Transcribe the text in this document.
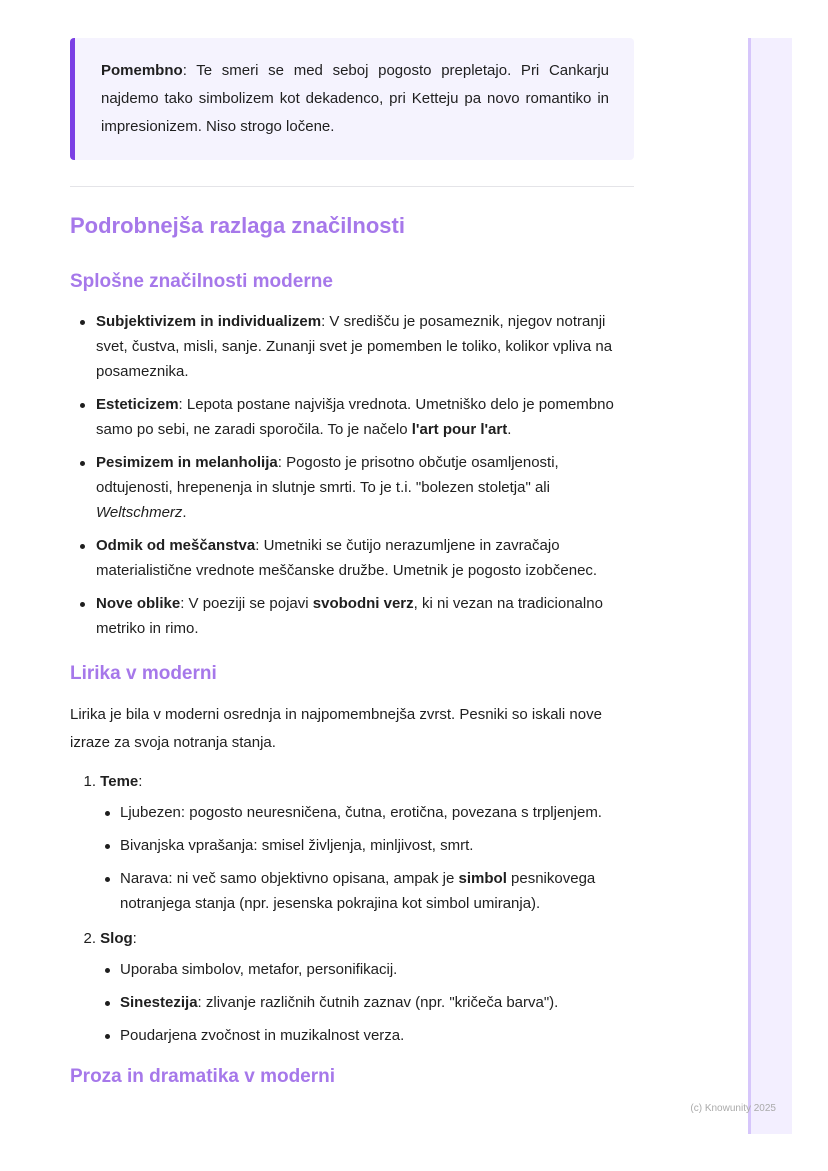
Pomembno: Te smeri se med seboj pogosto prepletajo. Pri Cankarju najdemo tako simbolizem kot dekadenco, pri Ketteju pa novo romantiko in impresionizem. Niso strogo ločene.
Podrobnejša razlaga značilnosti
Splošne značilnosti moderne
Subjektivizem in individualizem: V središču je posameznik, njegov notranji svet, čustva, misli, sanje. Zunanji svet je pomemben le toliko, kolikor vpliva na posameznika.
Esteticizem: Lepota postane najvišja vrednota. Umetniško delo je pomembno samo po sebi, ne zaradi sporočila. To je načelo l'art pour l'art.
Pesimizem in melanholija: Pogosto je prisotno občutje osamljenosti, odtujenosti, hrepenenja in slutnje smrti. To je t.i. "bolezen stoletja" ali Weltschmerz.
Odmik od meščanstva: Umetniki se čutijo nerazumljene in zavračajo materialistične vrednote meščanske družbe. Umetnik je pogosto izobčenec.
Nove oblike: V poeziji se pojavi svobodni verz, ki ni vezan na tradicionalno metriko in rimo.
Lirika v moderni

Lirika je bila v moderni osrednja in najpomembnejša zvrst. Pesniki so iskali nove izraze za svoja notranja stanja.

1. Teme:
Ljubezen: pogosto neuresničena, čutna, erotična, povezana s trpljenjem.
Bivanjska vprašanja: smisel življenja, minljivost, smrt.
Narava: ni več samo objektivno opisana, ampak je simbol pesnikovega notranjega stanja (npr. jesenska pokrajina kot simbol umiranja).
2. Slog:
Uporaba simbolov, metafor, personifikacij.
Sinestezija: zlivanje različnih čutnih zaznav (npr. "kričeča barva").
Poudarjena zvočnost in muzikalnost verza.
Proza in dramatika v moderni
(c) Knowunity 2025
